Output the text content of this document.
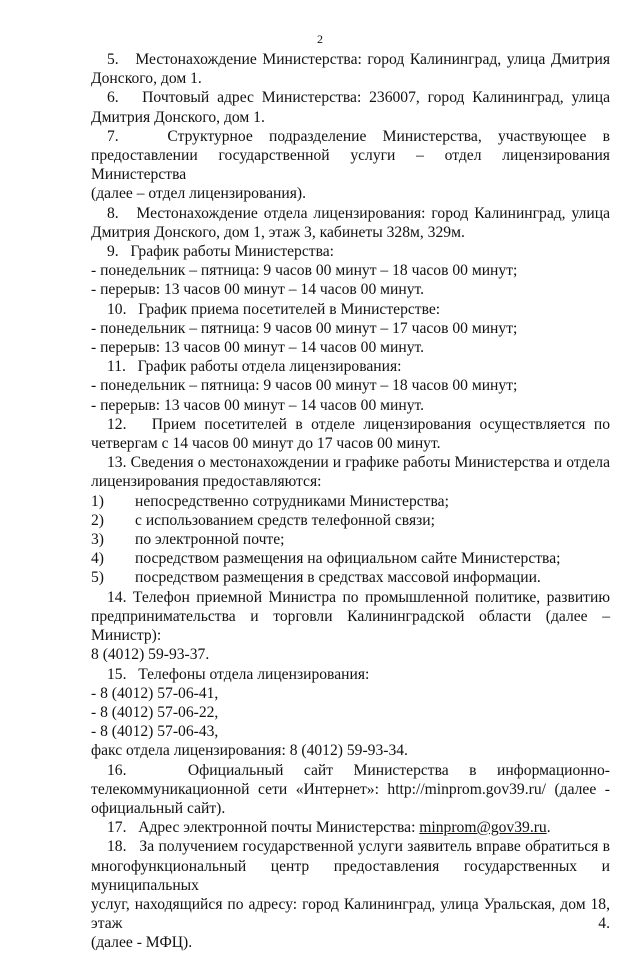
2
5.   Местонахождение Министерства: город Калининград, улица Дмитрия
Донского, дом 1.
6.   Почтовый адрес Министерства: 236007, город Калининград, улица
Дмитрия Донского, дом 1.
7.   Структурное подразделение Министерства, участвующее в
предоставлении государственной услуги – отдел лицензирования Министерства
(далее – отдел лицензирования).
8.   Местонахождение отдела лицензирования: город Калининград, улица
Дмитрия Донского, дом 1, этаж 3, кабинеты 328м, 329м.
9.   График работы Министерства:
- понедельник – пятница: 9 часов 00 минут – 18 часов 00 минут;
- перерыв: 13 часов 00 минут – 14 часов 00 минут.
10.   График приема посетителей в Министерстве:
- понедельник – пятница: 9 часов 00 минут – 17 часов 00 минут;
- перерыв: 13 часов 00 минут – 14 часов 00 минут.
11.   График работы отдела лицензирования:
- понедельник – пятница: 9 часов 00 минут – 18 часов 00 минут;
- перерыв: 13 часов 00 минут – 14 часов 00 минут.
12.   Прием посетителей в отделе лицензирования осуществляется по
четвергам с 14 часов 00 минут до 17 часов 00 минут.
13. Сведения о местонахождении и графике работы Министерства и отдела
лицензирования предоставляются:
1) непосредственно сотрудниками Министерства;
2) с использованием средств телефонной связи;
3) по электронной почте;
4) посредством размещения на официальном сайте Министерства;
5) посредством размещения в средствах массовой информации.
14. Телефон приемной Министра по промышленной политике, развитию
предпринимательства и торговли Калининградской области (далее – Министр):
8 (4012) 59-93-37.
15.   Телефоны отдела лицензирования:
- 8 (4012) 57-06-41,
- 8 (4012) 57-06-22,
- 8 (4012) 57-06-43,
факс отдела лицензирования: 8 (4012) 59-93-34.
16.   Официальный сайт Министерства в информационно-
телекоммуникационной сети «Интернет»: http://minprom.gov39.ru/ (далее -
официальный сайт).
17.   Адрес электронной почты Министерства: minprom@gov39.ru.
18.   За получением государственной услуги заявитель вправе обратиться в
многофункциональный центр предоставления государственных и муниципальных
услуг, находящийся по адресу: город Калининград, улица Уральская, дом 18, этаж 4.
(далее - МФЦ).
